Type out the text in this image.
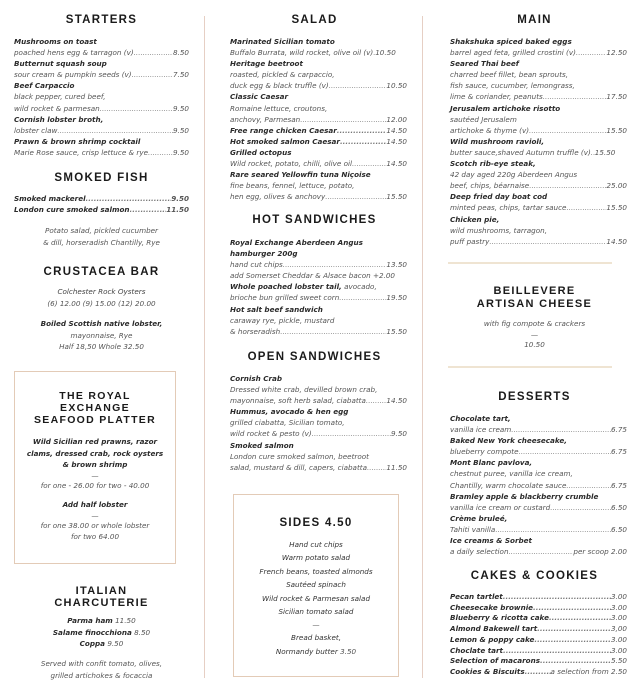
STARTERS
Mushrooms on toast
poached hens egg & tarragon (v) .....	8.50
Butternut squash soup
sour cream & pumpkin seeds (v) .....	7.50
Beef Carpaccio
black pepper, cured beef,
wild rocket & parmesan .....	9.50
Cornish lobster broth,
lobster claw .....	9.50
Prawn & brown shrimp cocktail
Marie Rose sauce, crisp lettuce & rye .....	9.50
SMOKED FISH
Smoked mackerel .....	9.50
London cure smoked salmon .....	11.50
Potato salad, pickled cucumber
& dill, horseradish Chantilly, Rye
CRUSTACEA BAR
Colchester Rock Oysters
(6) 12.00 (9) 15.00 (12) 20.00
Boiled Scottish native lobster,
mayonnaise, Rye
Half 18,50 Whole 32.50
THE ROYAL
EXCHANGE
SEAFOOD PLATTER
Wild Sicilian red prawns, razor
clams, dressed crab, rock oysters
& brown shrimp
—
for one - 26.00 for two - 40.00
Add half lobster
—
for one 38.00 or whole lobster
for two 64.00
ITALIAN
CHARCUTERIE
Parma ham 11.50
Salame finocchiona 8.50
Coppa 9.50
Served with confit tomato, olives,
grilled artichokes & focaccia
SALAD
Marinated Sicilian tomato
Buffalo Burrata, wild rocket, olive oil (v) ..... 10.50
Heritage beetroot
roasted, pickled & carpaccio,
duck egg & black truffle (v) .....	10.50
Classic Caesar
Romaine lettuce, croutons,
anchovy, Parmesan .....	12.00
Free range chicken Caesar .....	14.50
Hot smoked salmon Caesar .....	14.50
Grilled octopus
Wild rocket, potato, chilli, olive oil .....	14.50
Rare seared Yellowfin tuna Niçoise
fine beans, fennel, lettuce, potato,
hen egg, olives & anchovy .....	15.50
HOT SANDWICHES
Royal Exchange Aberdeen Angus
hamburger 200g
hand cut chips .....	13.50
add Somerset Cheddar & Alsace bacon +2.00
Whole poached lobster tail, avocado,
brioche bun grilled sweet corn .....	19.50
Hot salt beef sandwich
caraway rye, pickle, mustard
& horseradish .....	15.50
OPEN SANDWICHES
Cornish Crab
Dressed white crab, devilled brown crab,
mayonnaise, soft herb salad, ciabatta .....	14.50
Hummus, avocado & hen egg
grilled ciabatta, Sicilian tomato,
wild rocket & pesto (v) .....	9.50
Smoked salmon
London cure smoked salmon, beetroot
salad, mustard & dill, capers, ciabatta .....	11.50
SIDES 4.50
Hand cut chips
Warm potato salad
French beans, toasted almonds
Sautéed spinach
Wild rocket & Parmesan salad
Sicilian tomato salad
—
Bread basket,
Normandy butter 3.50
MAIN
Shakshuka spiced baked eggs
barrel aged feta, grilled crostini (v) .....	12.50
Seared Thai beef
charred beef fillet, bean sprouts,
fish sauce, cucumber, lemongrass,
lime & coriander, peanuts .....	17.50
Jerusalem artichoke risotto
sautéed Jerusalem
artichoke & thyme (v) .....	15.50
Wild mushroom ravioli,
butter sauce,shaved Autumn truffle (v) ..... 15.50
Scotch rib-eye steak,
42 day aged 220g Aberdeen Angus
beef, chips, béarnaise .....	25.00
Deep fried day boat cod
minted peas, chips, tartar sauce .....	15.50
Chicken pie,
wild mushrooms, tarragon,
puff pastry .....	14.50
BEILLEVERE
ARTISAN CHEESE
with fig compote & crackers
—
10.50
DESSERTS
Chocolate tart,
vanilla ice cream .....	6.75
Baked New York cheesecake,
blueberry compote .....	6.75
Mont Blanc pavlova,
chestnut puree, vanilla ice cream,
Chantilly, warm chocolate sauce .....	6.75
Bramley apple & blackberry crumble
vanilla ice cream or custard .....	6.50
Crème bruleé,
Tahiti vanilla .....	6.50
Ice creams & Sorbet
a daily selection .....	per scoop 2.00
CAKES & COOKIES
Pecan tartlet .....	3.00
Cheesecake brownie .....	3.00
Blueberry & ricotta cake .....	3.00
Almond Bakewell tart .....	3,00
Lemon & poppy cake .....	3.00
Choclate tart .....	3.00
Selection of macarons .....	5.50
Cookies & Biscuits .....	a selection from 2.50
